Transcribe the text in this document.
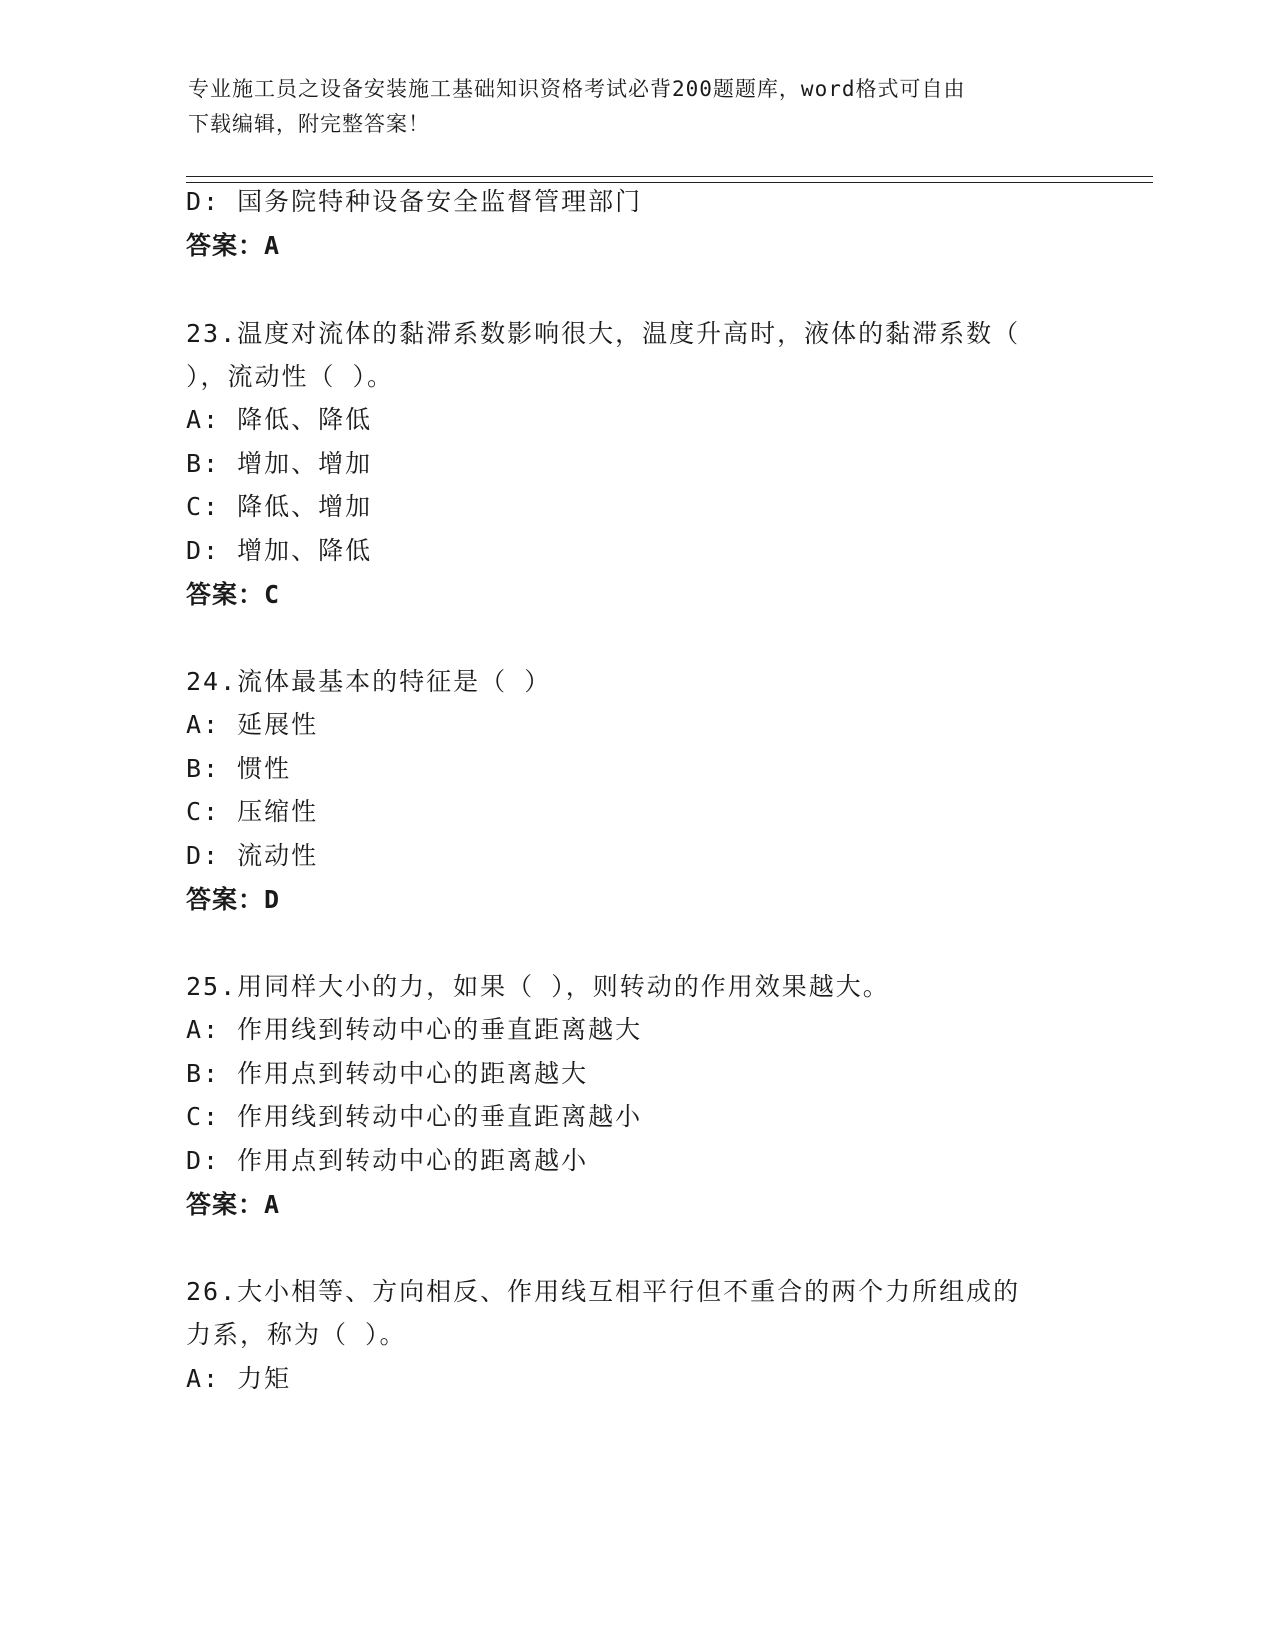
专业施工员之设备安装施工基础知识资格考试必背200题题库，word格式可自由
下载编辑，附完整答案！

D: 国务院特种设备安全监督管理部门

答案：A

23.温度对流体的黏滞系数影响很大，温度升高时，液体的黏滞系数（

），流动性（ ）。

A: 降低、降低

B: 增加、增加

C: 降低、增加

D: 增加、降低

答案：C

24.流体最基本的特征是（ ）

A: 延展性

B: 惯性

C: 压缩性

D: 流动性

答案：D

25.用同样大小的力，如果（ ），则转动的作用效果越大。

A: 作用线到转动中心的垂直距离越大

B: 作用点到转动中心的距离越大

C: 作用线到转动中心的垂直距离越小

D: 作用点到转动中心的距离越小

答案：A

26.大小相等、方向相反、作用线互相平行但不重合的两个力所组成的

力系，称为（ ）。

A: 力矩
